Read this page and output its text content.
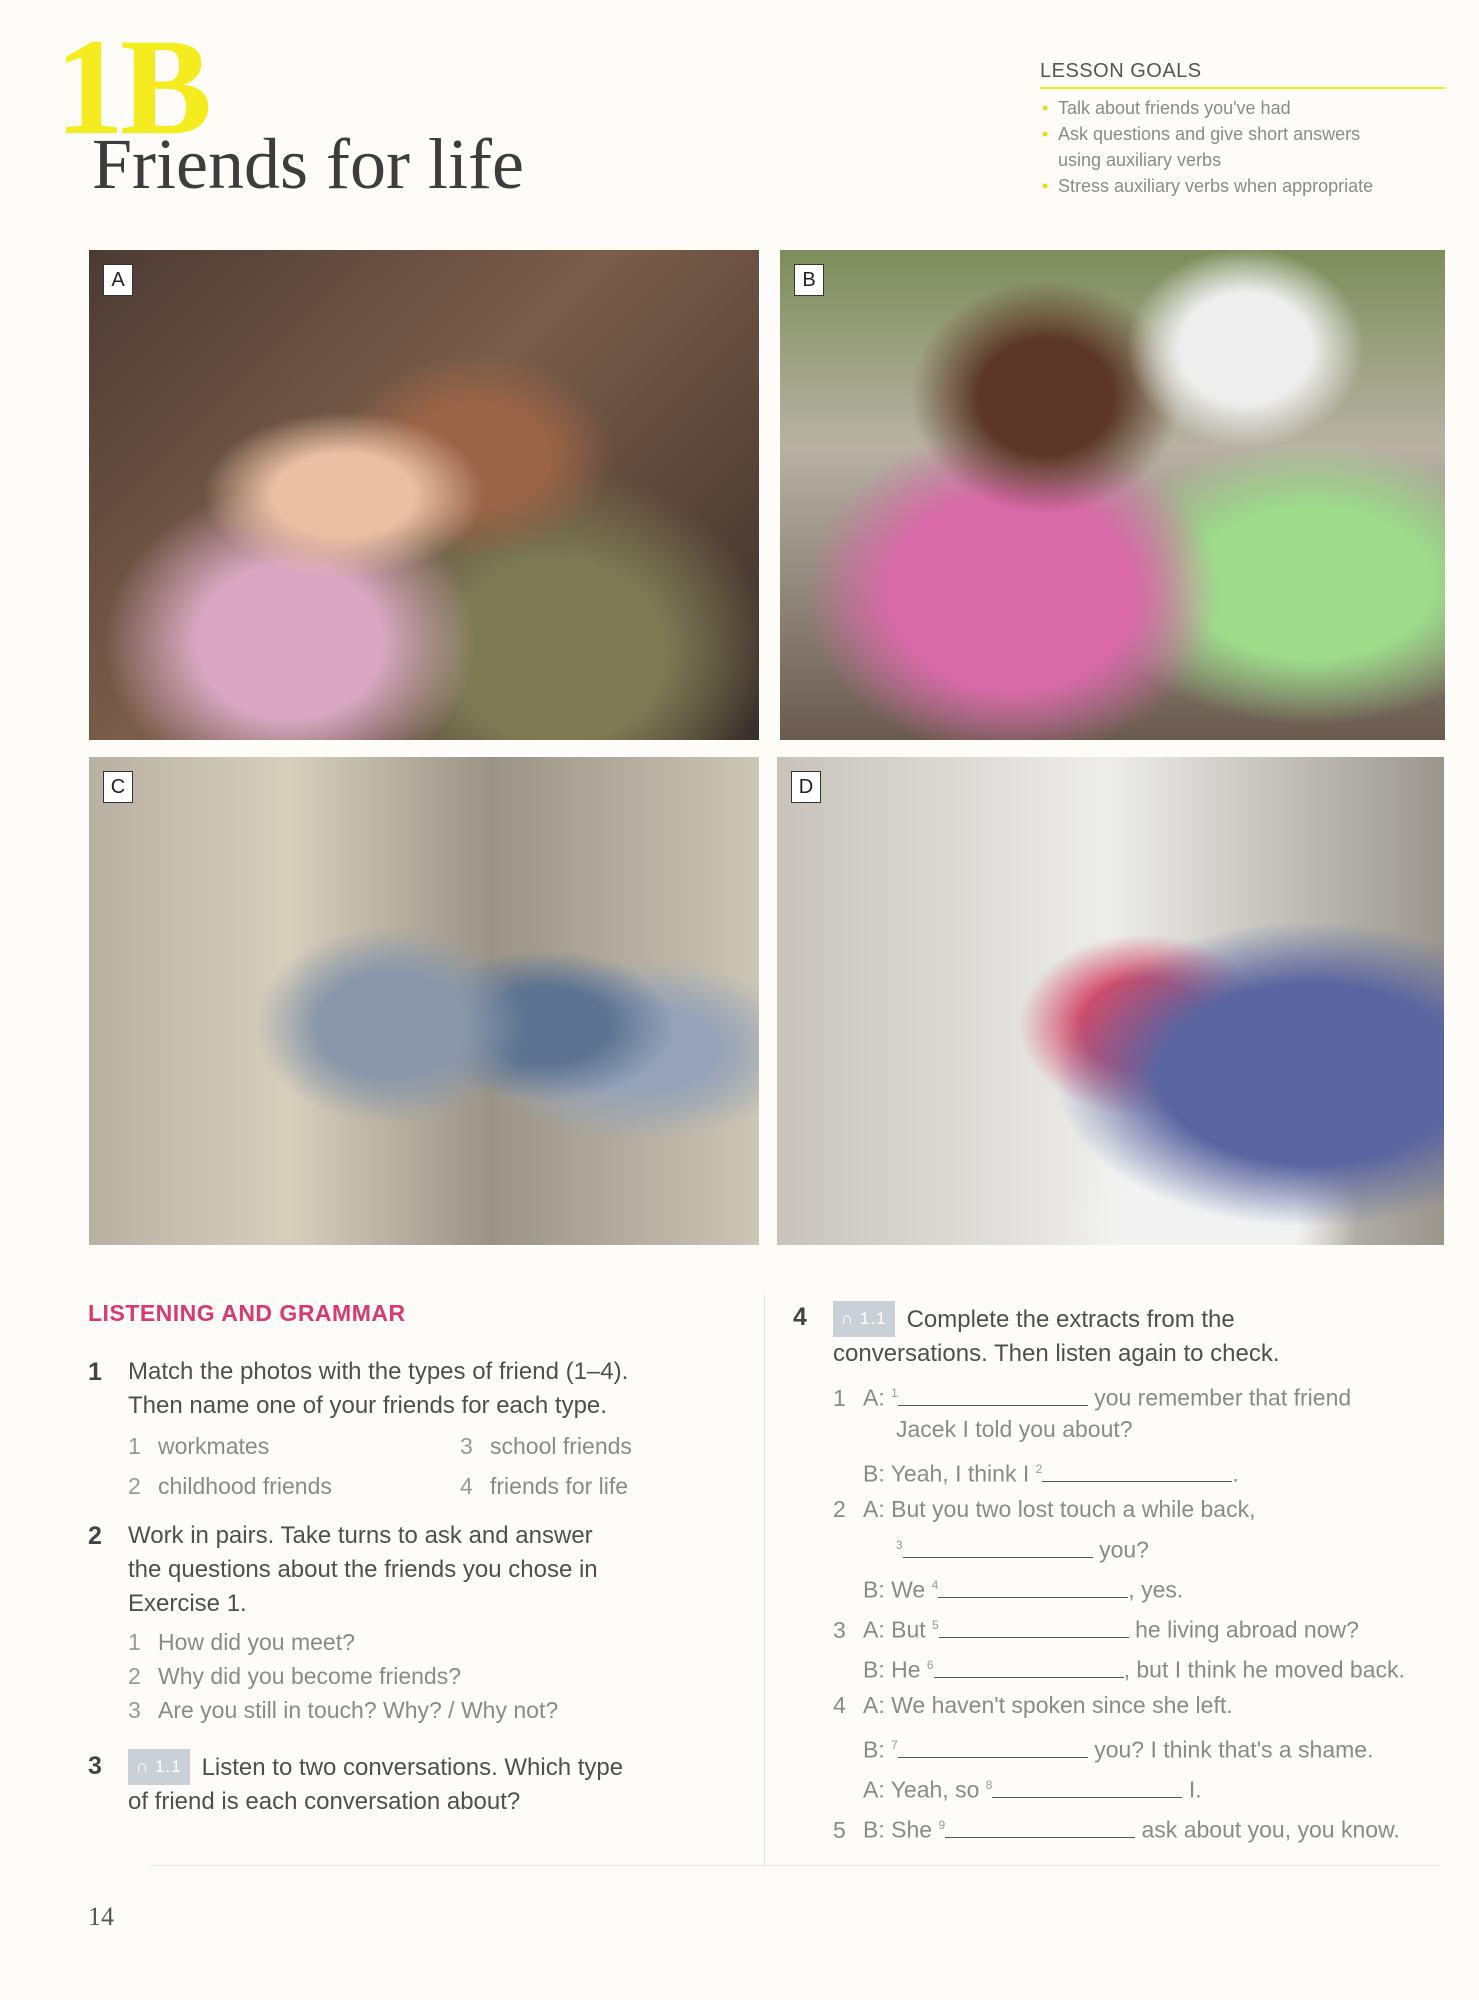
1B
Friends for life
LESSON GOALS
• Talk about friends you've had
• Ask questions and give short answers
using auxiliary verbs
• Stress auxiliary verbs when appropriate
A	B
C	D
LISTENING AND GRAMMAR
1 Match the photos with the types of friend (1–4).
Then name one of your friends for each type.
1 workmates	3 school friends
2 childhood friends	4 friends for life
2 Work in pairs. Take turns to ask and answer
the questions about the friends you chose in
Exercise 1.
1 How did you meet?
2 Why did you become friends?
3 Are you still in touch? Why? / Why not?
3	∩ 1.1 Listen to two conversations. Which type
of friend is each conversation about?
4	∩ 1.1 Complete the extracts from the
conversations. Then listen again to check.
1 A: $^1$	you remember that friend
Jacek I told you about?
B: Yeah, I think I $^2$	.
2 A: But you two lost touch a while back,
$^3$	you?
B: We $^4$	, yes.
3 A: But $^5$	he living abroad now?
B: He $^6$	, but I think he moved back.
4 A: We haven't spoken since she left.
B: $^7$	you? I think that's a shame.
A: Yeah, so $^8$	I.
5 B: She $^9$	ask about you, you know.
14
